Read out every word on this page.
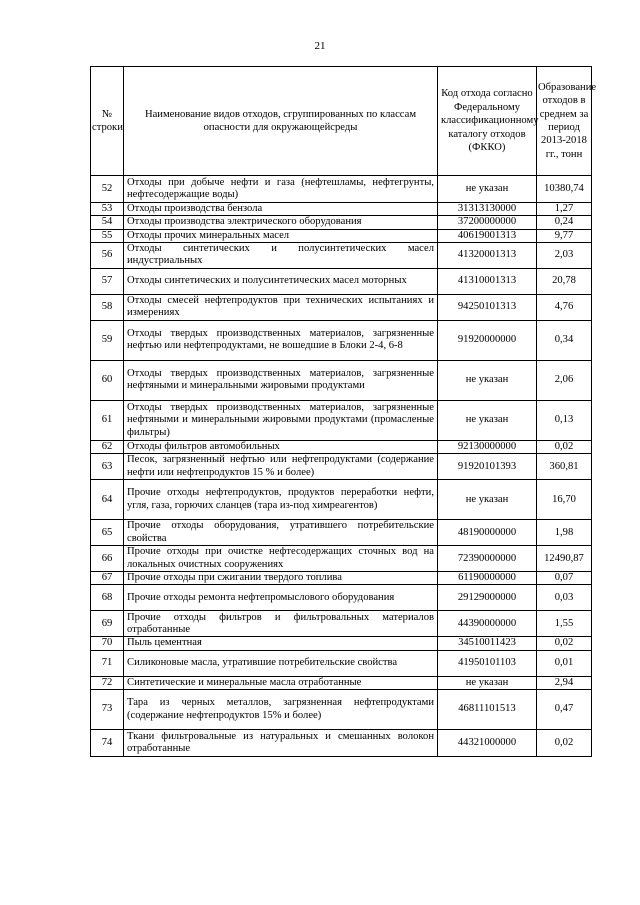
21
№ строки	Наименование видов отходов, сгруппированных по классам опасности для окружающейсреды	Код отхода согласно Федеральному классификационному каталогу отходов (ФККО)	Образование отходов в среднем за период 2013-2018 гг., тонн
52	Отходы при добыче нефти и газа (нефтешламы, нефтегрунты, нефтесодержащие воды)	не указан	10380,74
53	Отходы производства бензола	31313130000	1,27
54	Отходы производства электрического оборудования	37200000000	0,24
55	Отходы прочих минеральных масел	40619001313	9,77
56	Отходы синтетических и полусинтетических масел индустриальных	41320001313	2,03
57	Отходы синтетических и полусинтетических масел моторных	41310001313	20,78
58	Отходы смесей нефтепродуктов при технических испытаниях и измерениях	94250101313	4,76
59	Отходы твердых производственных материалов, загрязненные нефтью или нефтепродуктами, не вошедшие в Блоки 2-4, 6-8	91920000000	0,34
60	Отходы твердых производственных материалов, загрязненные нефтяными и минеральными жировыми продуктами	не указан	2,06
61	Отходы твердых производственных материалов, загрязненные нефтяными и минеральными жировыми продуктами (промасленые фильтры)	не указан	0,13
62	Отходы фильтров автомобильных	92130000000	0,02
63	Песок, загрязненный нефтью или нефтепродуктами (содержание нефти или нефтепродуктов 15 % и более)	91920101393	360,81
64	Прочие отходы нефтепродуктов, продуктов переработки нефти, угля, газа, горючих сланцев (тара из-под химреагентов)	не указан	16,70
65	Прочие отходы оборудования, утратившего потребительские свойства	48190000000	1,98
66	Прочие отходы при очистке нефтесодержащих сточных вод на локальных очистных сооружениях	72390000000	12490,87
67	Прочие отходы при сжигании твердого топлива	61190000000	0,07
68	Прочие отходы ремонта нефтепромыслового оборудования	29129000000	0,03
69	Прочие отходы фильтров и фильтровальных материалов отработанные	44390000000	1,55
70	Пыль цементная	34510011423	0,02
71	Силиконовые масла, утратившие потребительские свойства	41950101103	0,01
72	Синтетические и минеральные масла отработанные	не указан	2,94
73	Тара из черных металлов, загрязненная нефтепродуктами (содержание нефтепродуктов 15% и более)	46811101513	0,47
74	Ткани фильтровальные из натуральных и смешанных волокон отработанные	44321000000	0,02
